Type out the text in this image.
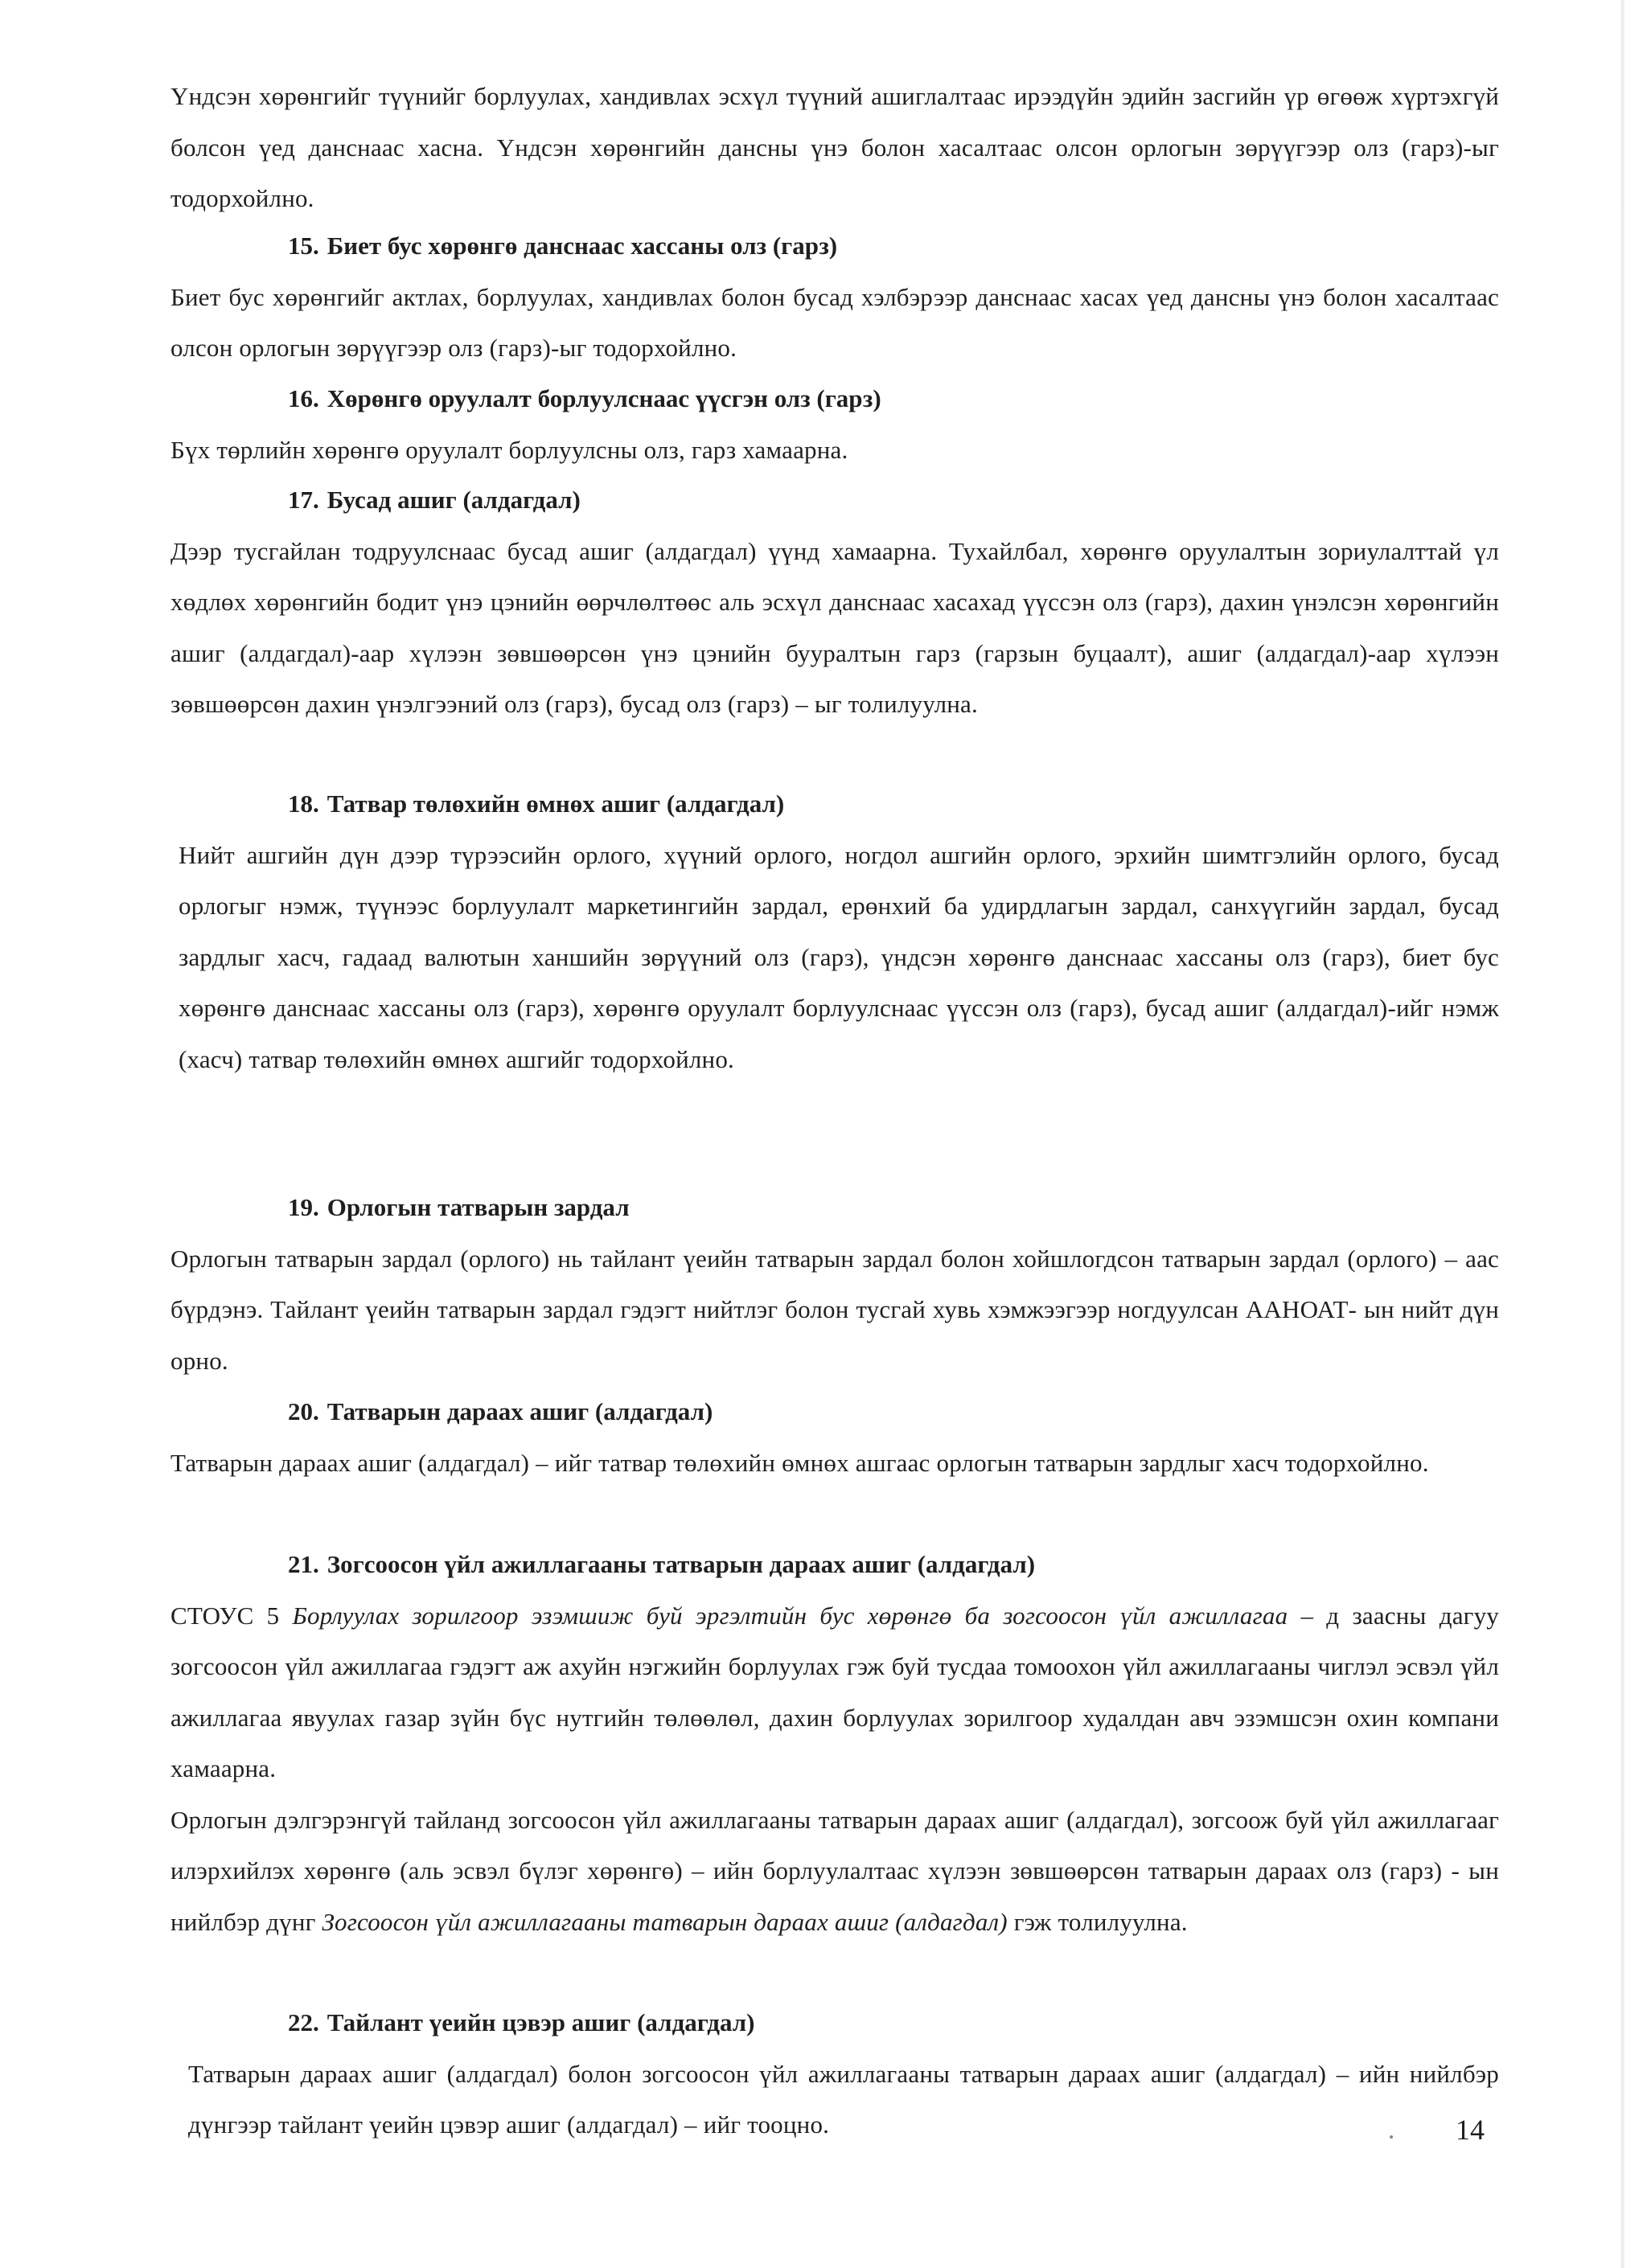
Үндсэн хөрөнгийг түүнийг борлуулах, хандивлах эсхүл түүний ашиглалтаас ирээдүйн эдийн засгийн үр өгөөж хүртэхгүй болсон үед данснаас хасна. Үндсэн хөрөнгийн дансны үнэ болон хасалтаас олсон орлогын зөрүүгээр олз (гарз)-ыг тодорхойлно.

15. Биет бус хөрөнгө данснаас хассаны олз (гарз)

Биет бус хөрөнгийг актлах, борлуулах, хандивлах болон бусад хэлбэрээр данснаас хасах үед дансны үнэ болон хасалтаас олсон орлогын зөрүүгээр олз (гарз)-ыг тодорхойлно.

16. Хөрөнгө оруулалт борлуулснаас үүсгэн олз (гарз)

Бүх төрлийн хөрөнгө оруулалт борлуулсны олз, гарз хамаарна.

17. Бусад ашиг (алдагдал)

Дээр тусгайлан тодруулснаас бусад ашиг (алдагдал) үүнд хамаарна. Тухайлбал, хөрөнгө оруулалтын зориулалттай үл хөдлөх хөрөнгийн бодит үнэ цэнийн өөрчлөлтөөс аль эсхүл данснаас хасахад үүссэн олз (гарз), дахин үнэлсэн хөрөнгийн ашиг (алдагдал)-аар хүлээн зөвшөөрсөн үнэ цэнийн бууралтын гарз (гарзын буцаалт), ашиг (алдагдал)-аар хүлээн зөвшөөрсөн дахин үнэлгээний олз (гарз), бусад олз (гарз) – ыг толилуулна.

18. Татвар төлөхийн өмнөх ашиг (алдагдал)

Нийт ашгийн дүн дээр түрээсийн орлого, хүүний орлого, ногдол ашгийн орлого, эрхийн шимтгэлийн орлого, бусад орлогыг нэмж, түүнээс борлуулалт маркетингийн зардал, ерөнхий ба удирдлагын зардал, санхүүгийн зардал, бусад зардлыг хасч, гадаад валютын ханшийн зөрүүний олз (гарз), үндсэн хөрөнгө данснаас хассаны олз (гарз), биет бус хөрөнгө данснаас хассаны олз (гарз), хөрөнгө оруулалт борлуулснаас үүссэн олз (гарз), бусад ашиг (алдагдал)-ийг нэмж (хасч) татвар төлөхийн өмнөх ашгийг тодорхойлно.

19. Орлогын татварын зардал

Орлогын татварын зардал (орлого) нь тайлант үеийн татварын зардал болон хойшлогдсон татварын зардал (орлого) – аас бүрдэнэ. Тайлант үеийн татварын зардал гэдэгт нийтлэг болон тусгай хувь хэмжээгээр ногдуулсан ААНОАТ- ын нийт дүн орно.

20. Татварын дараах ашиг (алдагдал)

Татварын дараах ашиг (алдагдал) – ийг татвар төлөхийн өмнөх ашгаас орлогын татварын зардлыг хасч тодорхойлно.

21. Зогсоосон үйл ажиллагааны татварын дараах ашиг (алдагдал)

СТОУС 5 Борлуулах зорилгоор эзэмшиж буй эргэлтийн бус хөрөнгө ба зогсоосон үйл ажиллагаа – д заасны дагуу зогсоосон үйл ажиллагаа гэдэгт аж ахуйн нэгжийн борлуулах гэж буй тусдаа томоохон үйл ажиллагааны чиглэл эсвэл үйл ажиллагаа явуулах газар зүйн бүс нутгийн төлөөлөл, дахин борлуулах зорилгоор худалдан авч эзэмшсэн охин компани хамаарна.

Орлогын дэлгэрэнгүй тайланд зогсоосон үйл ажиллагааны татварын дараах ашиг (алдагдал), зогсоож буй үйл ажиллагааг илэрхийлэх хөрөнгө (аль эсвэл бүлэг хөрөнгө) – ийн борлуулалтаас хүлээн зөвшөөрсөн татварын дараах олз (гарз) - ын нийлбэр дүнг Зогсоосон үйл ажиллагааны татварын дараах ашиг (алдагдал) гэж толилуулна.

22. Тайлант үеийн цэвэр ашиг (алдагдал)

Татварын дараах ашиг (алдагдал) болон зогсоосон үйл ажиллагааны татварын дараах ашиг (алдагдал) – ийн нийлбэр дүнгээр тайлант үеийн цэвэр ашиг (алдагдал) – ийг тооцно.	14
